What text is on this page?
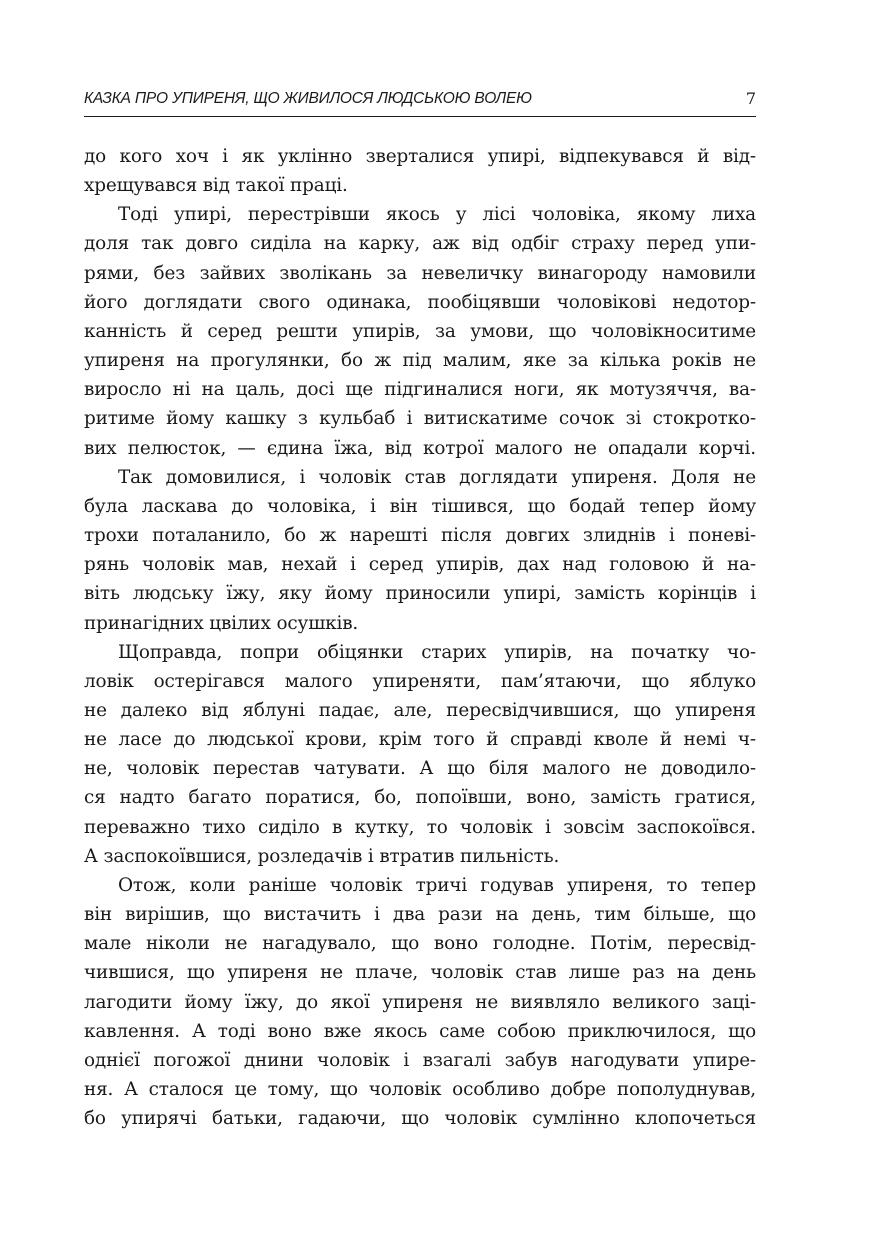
КАЗКА ПРО УПИРЕНЯ, ЩО ЖИВИЛОСЯ ЛЮДСЬКОЮ ВОЛЕЮ	7
до кого хоч і як уклінно зверталися упирі, відпекувався й від-
хрещувався від такої праці.
Тоді упирі, перестрівши якось у лісі чоловіка, якому лиха
доля так довго сиділа на карку, аж від одбіг страху перед упи-
рями, без зайвих зволікань за невеличку винагороду намовили
його доглядати свого одинака, пообіцявши чоловікові недотор-
канність й серед решти упирів, за умови, що чоловікноситиме
упиреня на прогулянки, бо ж під малим, яке за кілька років не
виросло ні на цаль, досі ще підгиналися ноги, як мотузяччя, ва-
ритиме йому кашку з кульбаб і витискатиме сочок зі стокротко-
вих пелюсток, — єдина їжа, від котрої малого не опадали корчі.
Так домовилися, і чоловік став доглядати упиреня. Доля не
була ласкава до чоловіка, і він тішився, що бодай тепер йому
трохи поталанило, бо ж нарешті після довгих злиднів і поневі-
рянь чоловік мав, нехай і серед упирів, дах над головою й на-
віть людську їжу, яку йому приносили упирі, замість корінців і
принагідних цвілих осушків.
Щоправда, попри обіцянки старих упирів, на початку чо-
ловік остерігався малого упиреняти, пам’ятаючи, що яблуко
не далеко від яблуні падає, але, пересвідчившися, що упиреня
не ласе до людської крови, крім того й справді кволе й немі ч-
не, чоловік перестав чатувати. А що біля малого не доводило-
ся надто багато поратися, бо, попоївши, воно, замість гратися,
переважно тихо сиділо в кутку, то чоловік і зовсім заспокоївся.
А заспокоївшися, розледачів і втратив пильність.
Отож, коли раніше чоловік тричі годував упиреня, то тепер
він вирішив, що вистачить і два рази на день, тим більше, що
мале ніколи не нагадувало, що воно голодне. Потім, пересвід-
чившися, що упиреня не плаче, чоловік став лише раз на день
лагодити йому їжу, до якої упиреня не виявляло великого заці-
кавлення. А тоді воно вже якось саме собою приключилося, що
однієї погожої днини чоловік і взагалі забув нагодувати упире-
ня. А сталося це тому, що чоловік особливо добре пополуднував,
бо упирячі батьки, гадаючи, що чоловік сумлінно клопочеться
